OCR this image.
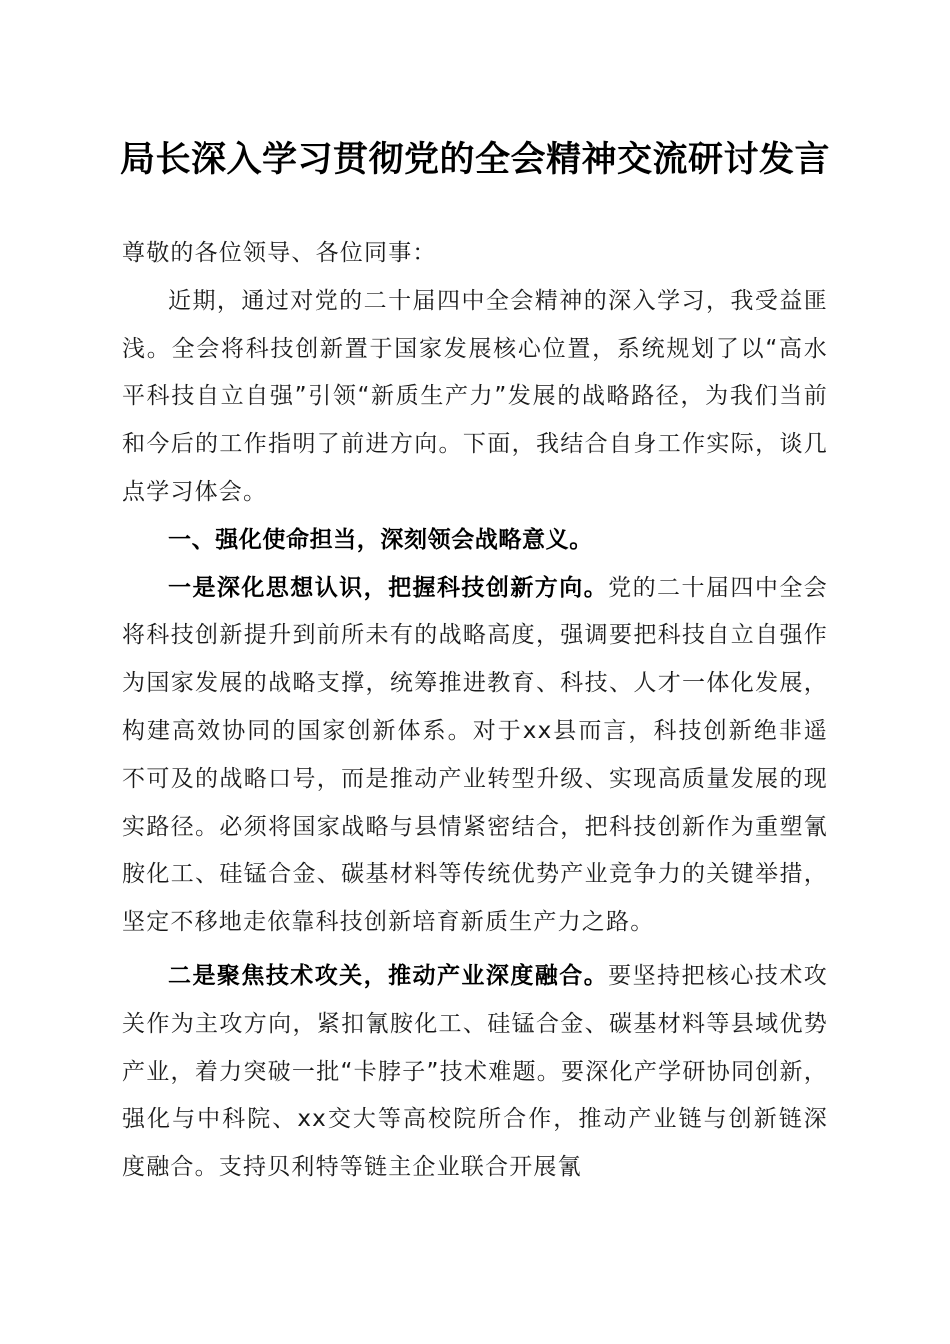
局长深入学习贯彻党的全会精神交流研讨发言

尊敬的各位领导、各位同事：

近期，通过对党的二十届四中全会精神的深入学习，我受益匪浅。全会将科技创新置于国家发展核心位置，系统规划了以“高水平科技自立自强”引领“新质生产力”发展的战略路径，为我们当前和今后的工作指明了前进方向。下面，我结合自身工作实际，谈几点学习体会。

一、强化使命担当，深刻领会战略意义。

一是深化思想认识，把握科技创新方向。党的二十届四中全会将科技创新提升到前所未有的战略高度，强调要把科技自立自强作为国家发展的战略支撑，统筹推进教育、科技、人才一体化发展，构建高效协同的国家创新体系。对于xx县而言，科技创新绝非遥不可及的战略口号，而是推动产业转型升级、实现高质量发展的现实路径。必须将国家战略与县情紧密结合，把科技创新作为重塑氰胺化工、硅锰合金、碳基材料等传统优势产业竞争力的关键举措，坚定不移地走依靠科技创新培育新质生产力之路。

二是聚焦技术攻关，推动产业深度融合。要坚持把核心技术攻关作为主攻方向，紧扣氰胺化工、硅锰合金、碳基材料等县域优势产业，着力突破一批“卡脖子”技术难题。要深化产学研协同创新，强化与中科院、xx交大等高校院所合作，推动产业链与创新链深度融合。支持贝利特等链主企业联合开展氰
